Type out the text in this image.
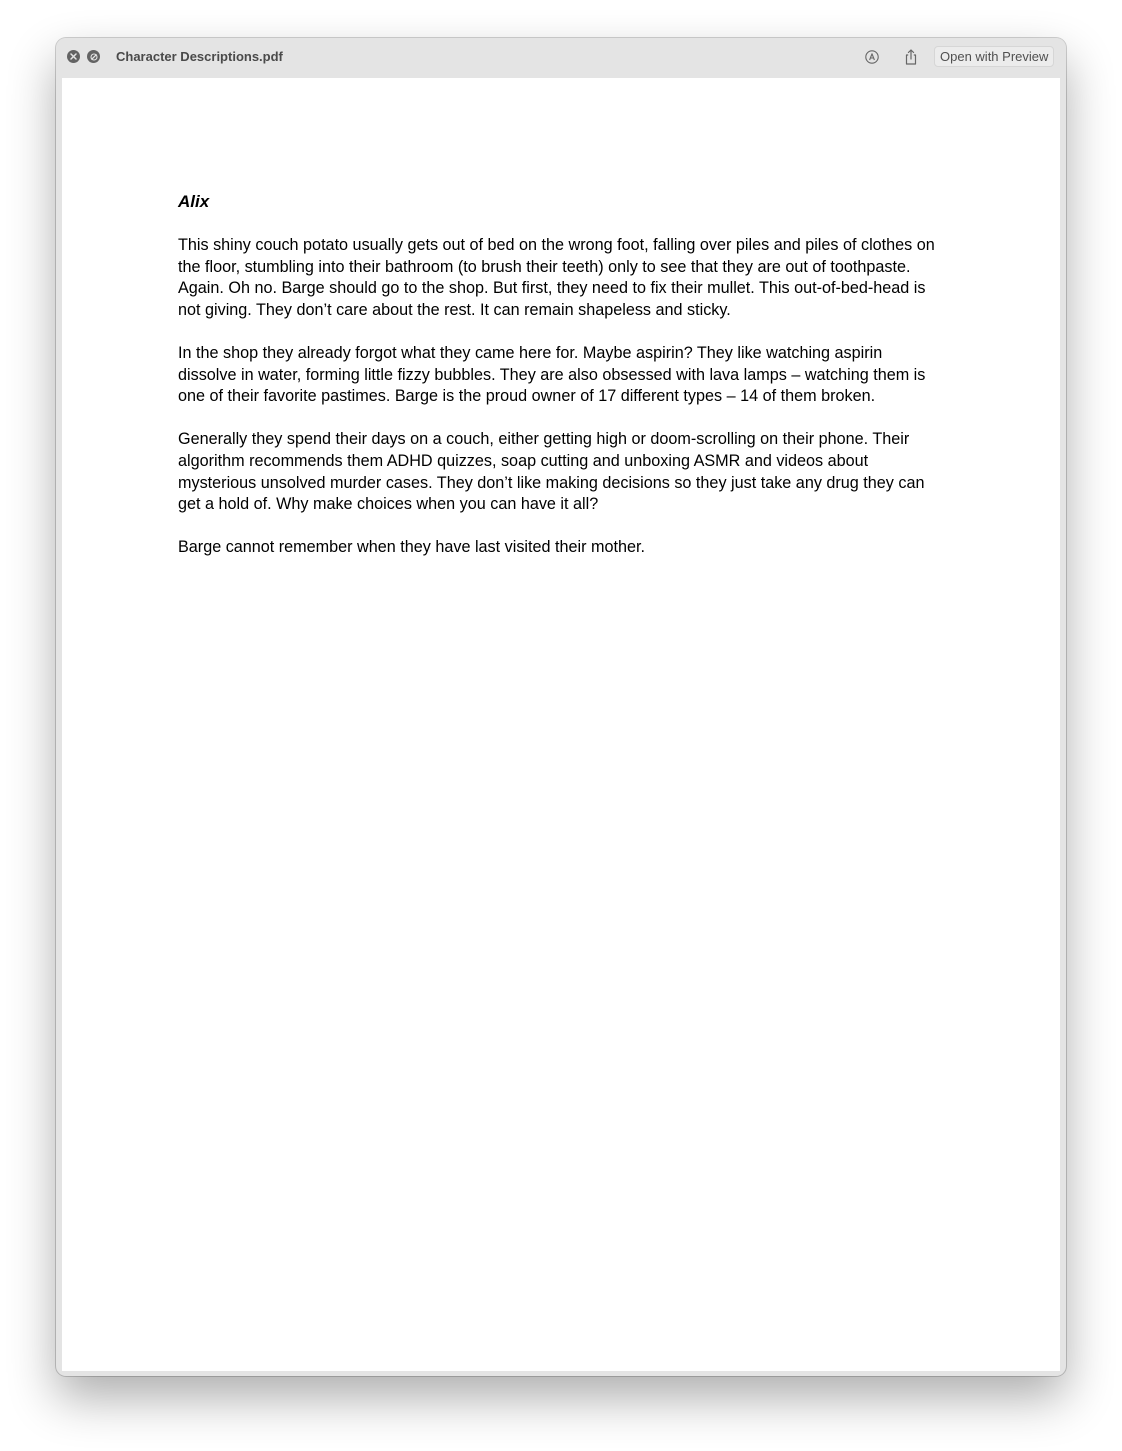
Character Descriptions.pdf	Open with Preview
Alix

This shiny couch potato usually gets out of bed on the wrong foot, falling over piles and piles of clothes on
the floor, stumbling into their bathroom (to brush their teeth) only to see that they are out of toothpaste.
Again. Oh no. Barge should go to the shop. But first, they need to fix their mullet. This out-of-bed-head is
not giving. They don’t care about the rest. It can remain shapeless and sticky.

In the shop they already forgot what they came here for. Maybe aspirin? They like watching aspirin
dissolve in water, forming little fizzy bubbles. They are also obsessed with lava lamps – watching them is
one of their favorite pastimes. Barge is the proud owner of 17 different types – 14 of them broken.

Generally they spend their days on a couch, either getting high or doom-scrolling on their phone. Their
algorithm recommends them ADHD quizzes, soap cutting and unboxing ASMR and videos about
mysterious unsolved murder cases. They don’t like making decisions so they just take any drug they can
get a hold of. Why make choices when you can have it all?

Barge cannot remember when they have last visited their mother.
